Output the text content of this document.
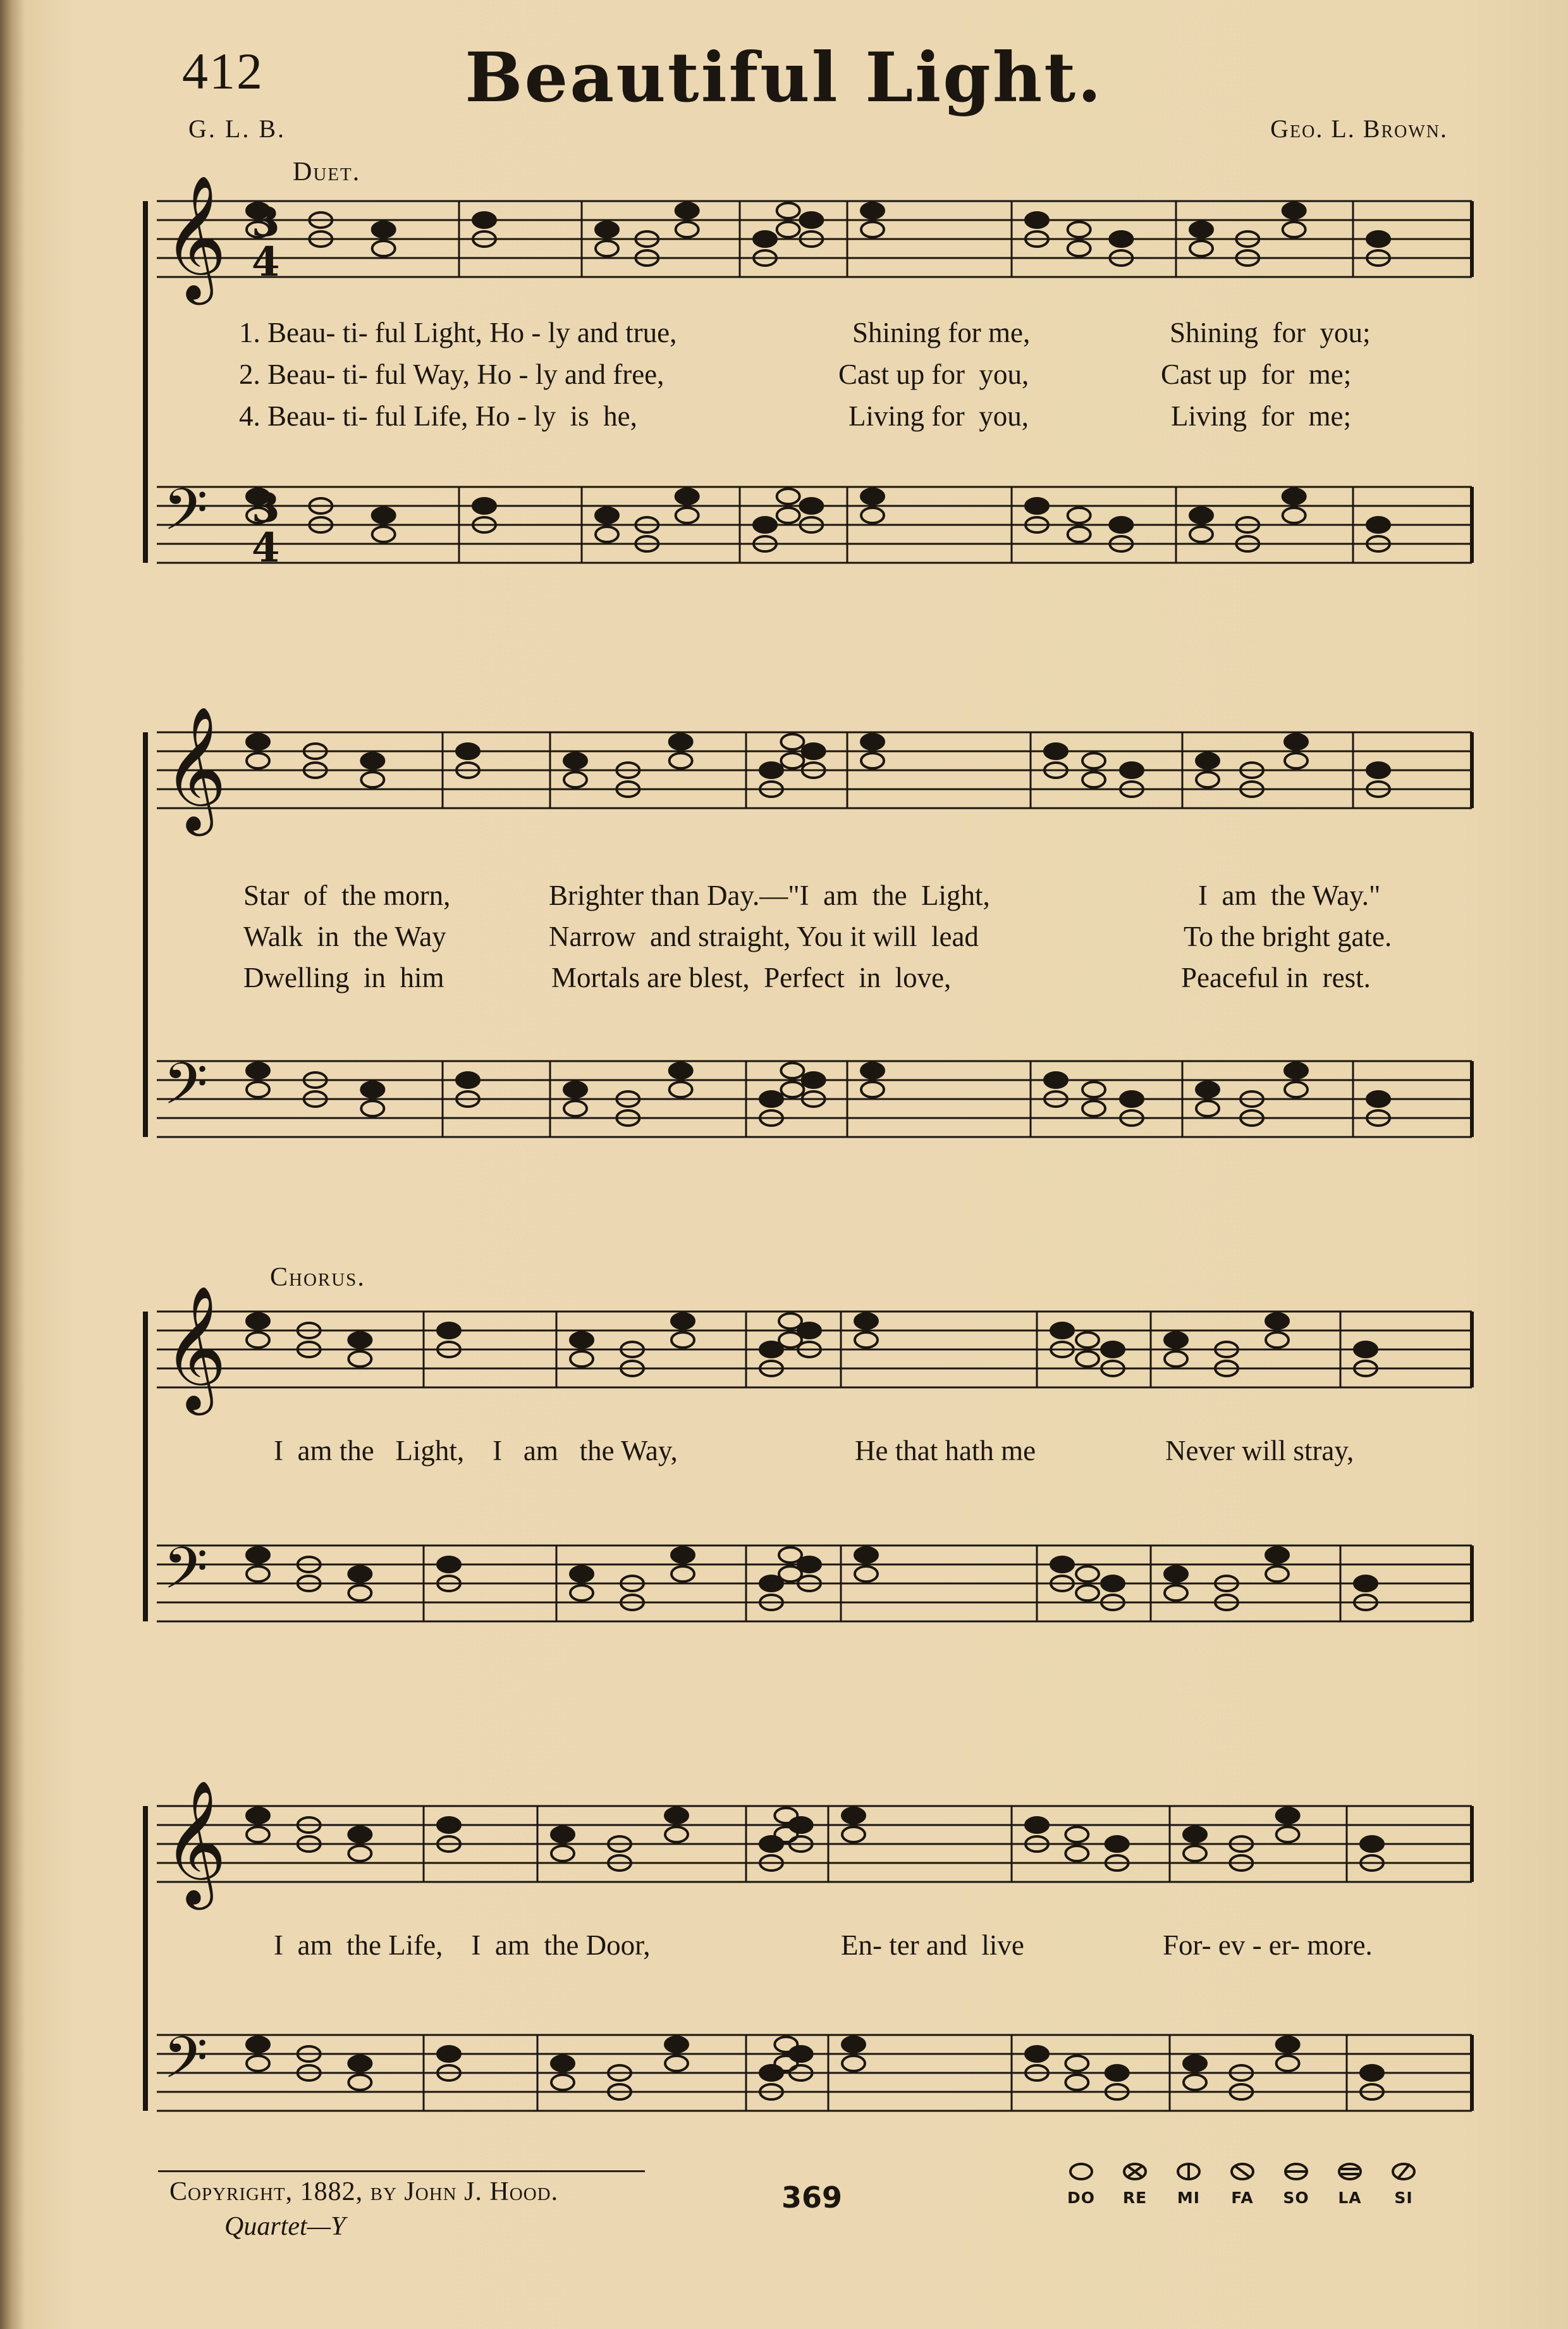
412	Beautiful Light.
G. L. B.	Geo. L. Brown.
Duet.
Chorus.
𝄞
𝄢
𝄞
𝄢
𝄞
𝄢
𝄞
𝄢
3
4
3
4
1. Beau- ti- ful Light, Ho - ly and true,	Shining for me,	Shining  for  you;
2. Beau- ti- ful Way, Ho - ly and free,	Cast up for  you,	Cast up  for  me;
4. Beau- ti- ful Life, Ho - ly  is  he,	Living for  you,	Living  for  me;
Star  of  the morn,	Brighter than Day.—"I  am  the  Light,	I  am  the Way."
Walk  in  the Way	Narrow  and straight, You it will  lead	To the bright gate.
Dwelling  in  him	Mortals are blest,  Perfect  in  love,	Peaceful in  rest.
I  am the   Light,    I   am   the Way,	He that hath me	Never will stray,
I  am  the Life,    I  am  the Door,	En- ter and  live	For- ev - er- more.
Copyright, 1882, by John J. Hood.
Quartet—Y
369	DO	RE	MI	FA	SO	LA	SI
